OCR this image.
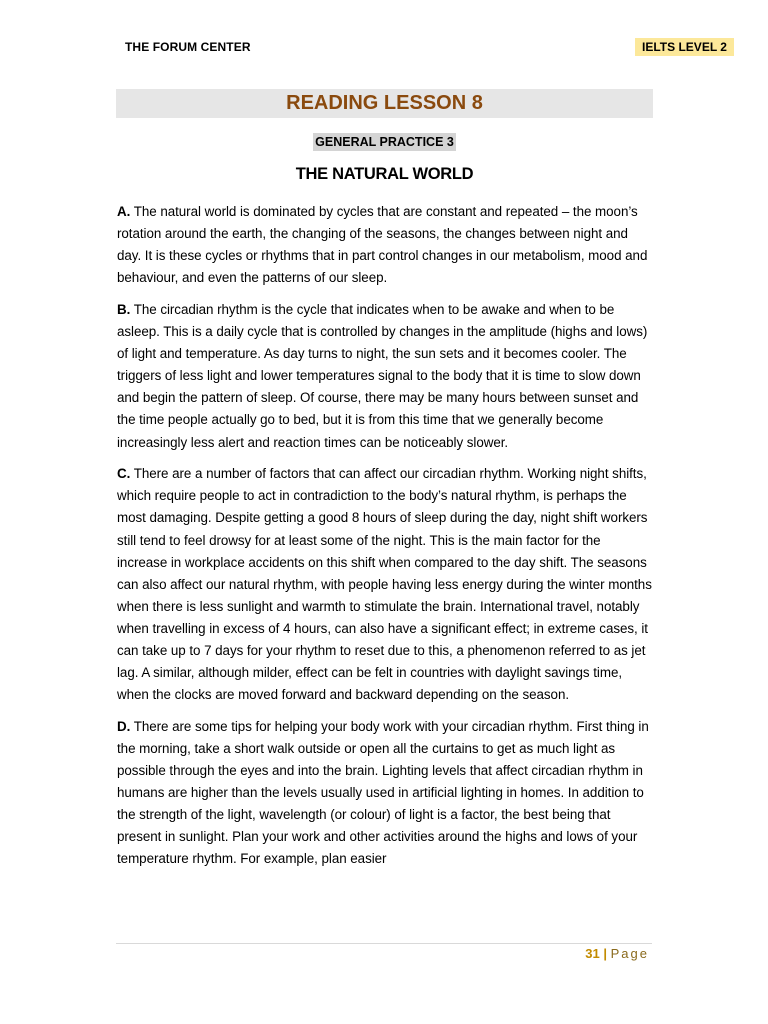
THE FORUM CENTER	IELTS LEVEL 2
READING LESSON 8
GENERAL PRACTICE 3
THE NATURAL WORLD

A. The natural world is dominated by cycles that are constant and repeated – the moon’s rotation around the earth, the changing of the seasons, the changes between night and day. It is these cycles or rhythms that in part control changes in our metabolism, mood and behaviour, and even the patterns of our sleep.

B. The circadian rhythm is the cycle that indicates when to be awake and when to be asleep. This is a daily cycle that is controlled by changes in the amplitude (highs and lows) of light and temperature. As day turns to night, the sun sets and it becomes cooler. The triggers of less light and lower temperatures signal to the body that it is time to slow down and begin the pattern of sleep. Of course, there may be many hours between sunset and the time people actually go to bed, but it is from this time that we generally become increasingly less alert and reaction times can be noticeably slower.

C. There are a number of factors that can affect our circadian rhythm. Working night shifts, which require people to act in contradiction to the body’s natural rhythm, is perhaps the most damaging. Despite getting a good 8 hours of sleep during the day, night shift workers still tend to feel drowsy for at least some of the night. This is the main factor for the increase in workplace accidents on this shift when compared to the day shift. The seasons can also affect our natural rhythm, with people having less energy during the winter months when there is less sunlight and warmth to stimulate the brain. International travel, notably when travelling in excess of 4 hours, can also have a significant effect; in extreme cases, it can take up to 7 days for your rhythm to reset due to this, a phenomenon referred to as jet lag. A similar, although milder, effect can be felt in countries with daylight savings time, when the clocks are moved forward and backward depending on the season.

D. There are some tips for helping your body work with your circadian rhythm. First thing in the morning, take a short walk outside or open all the curtains to get as much light as possible through the eyes and into the brain. Lighting levels that affect circadian rhythm in humans are higher than the levels usually used in artificial lighting in homes. In addition to the strength of the light, wavelength (or colour) of light is a factor, the best being that present in sunlight. Plan your work and other activities around the highs and lows of your temperature rhythm. For example, plan easier

31 | Page
